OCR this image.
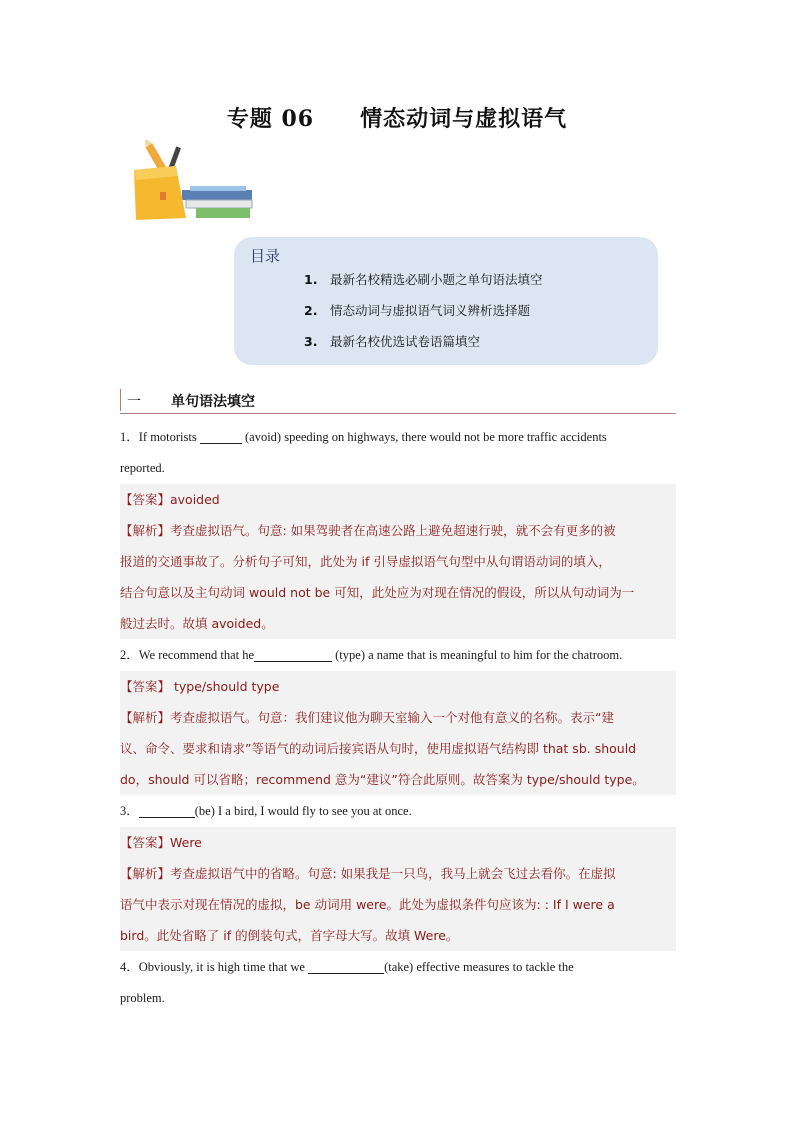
专题 06 情态动词与虚拟语气
目录
1. 最新名校精选必刷小题之单句语法填空
2. 情态动词与虚拟语气词义辨析选择题
3. 最新名校优选试卷语篇填空
一 单句语法填空
1．If motorists	(avoid) speeding on highways, there would not be more traffic accidents
reported.
【答案】avoided
【解析】考查虚拟语气。句意: 如果驾驶者在高速公路上避免超速行驶，就不会有更多的被
报道的交通事故了。分析句子可知，此处为 if 引导虚拟语气句型中从句谓语动词的填入，
结合句意以及主句动词 would not be 可知，此处应为对现在情况的假设，所以从句动词为一
般过去时。故填 avoided。
2．We recommend that he	(type) a name that is meaningful to him for the chatroom.
【答案】 type/should type
【解析】考查虚拟语气。句意：我们建议他为聊天室输入一个对他有意义的名称。表示“建
议、命令、要求和请求”等语气的动词后接宾语从句时，使用虚拟语气结构即 that sb. should
do，should 可以省略；recommend 意为“建议”符合此原则。故答案为 type/should type。
3．	(be) I a bird, I would fly to see you at once.
【答案】Were
【解析】考查虚拟语气中的省略。句意: 如果我是一只鸟，我马上就会飞过去看你。在虚拟
语气中表示对现在情况的虚拟，be 动词用 were。此处为虚拟条件句应该为: : If I were a
bird。此处省略了 if 的倒装句式，首字母大写。故填 Were。
4．Obviously, it is high time that we	(take) effective measures to tackle the
problem.
